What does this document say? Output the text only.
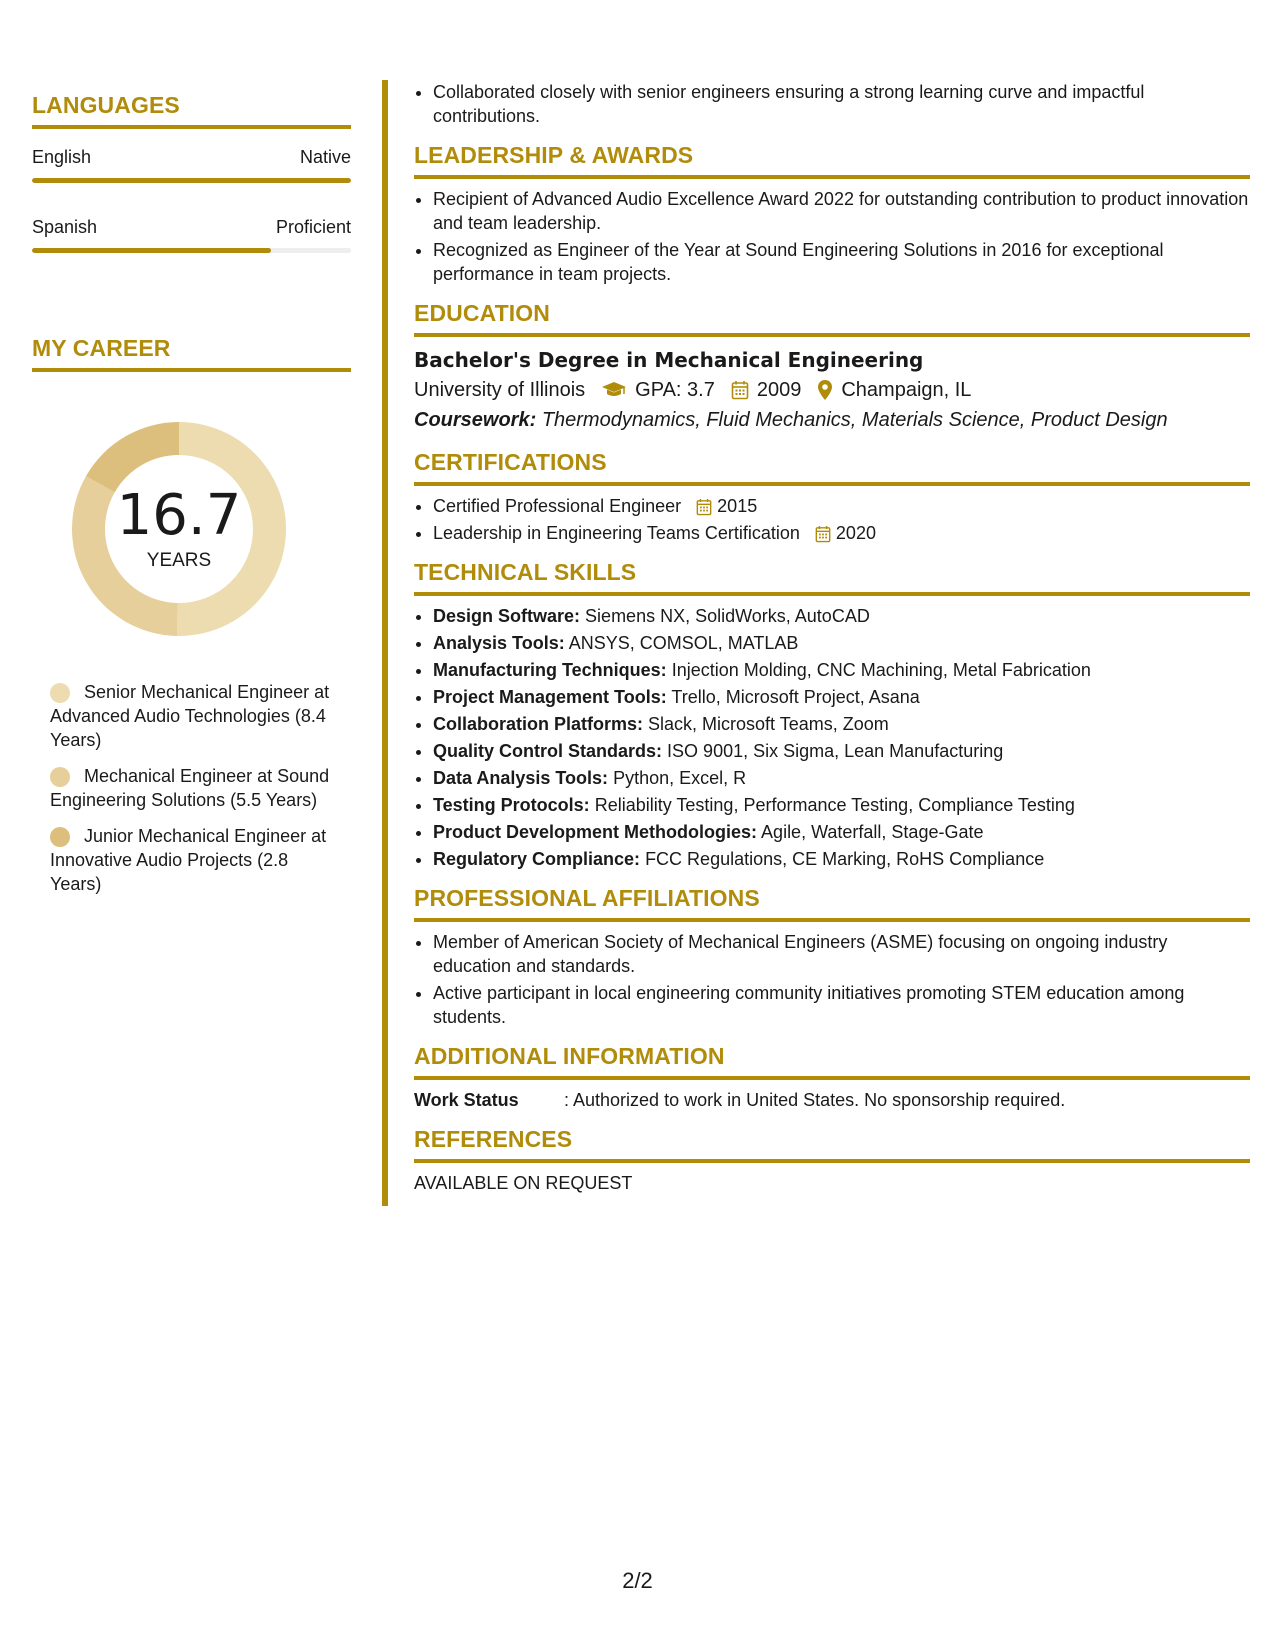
LANGUAGES
English	Native
Spanish	Proficient
MY CAREER
16.7
YEARS
Senior Mechanical Engineer at Advanced Audio Technologies (8.4 Years)
Mechanical Engineer at Sound Engineering Solutions (5.5 Years)
Junior Mechanical Engineer at Innovative Audio Projects (2.8 Years)
• Collaborated closely with senior engineers ensuring a strong learning curve and impactful contributions.
LEADERSHIP & AWARDS
• Recipient of Advanced Audio Excellence Award 2022 for outstanding contribution to product innovation and team leadership.
• Recognized as Engineer of the Year at Sound Engineering Solutions in 2016 for exceptional performance in team projects.
EDUCATION
Bachelor's Degree in Mechanical Engineering
University of Illinois	GPA: 3.7 2009 Champaign, IL
Coursework: Thermodynamics, Fluid Mechanics, Materials Science, Product Design
CERTIFICATIONS
• Certified Professional Engineer 2015
• Leadership in Engineering Teams Certification 2020
TECHNICAL SKILLS
• Design Software: Siemens NX, SolidWorks, AutoCAD
• Analysis Tools: ANSYS, COMSOL, MATLAB
• Manufacturing Techniques: Injection Molding, CNC Machining, Metal Fabrication
• Project Management Tools: Trello, Microsoft Project, Asana
• Collaboration Platforms: Slack, Microsoft Teams, Zoom
• Quality Control Standards: ISO 9001, Six Sigma, Lean Manufacturing
• Data Analysis Tools: Python, Excel, R
• Testing Protocols: Reliability Testing, Performance Testing, Compliance Testing
• Product Development Methodologies: Agile, Waterfall, Stage-Gate
• Regulatory Compliance: FCC Regulations, CE Marking, RoHS Compliance
PROFESSIONAL AFFILIATIONS
• Member of American Society of Mechanical Engineers (ASME) focusing on ongoing industry education and standards.
• Active participant in local engineering community initiatives promoting STEM education among students.
ADDITIONAL INFORMATION
Work Status	: Authorized to work in United States. No sponsorship required.
REFERENCES
AVAILABLE ON REQUEST
2/2
